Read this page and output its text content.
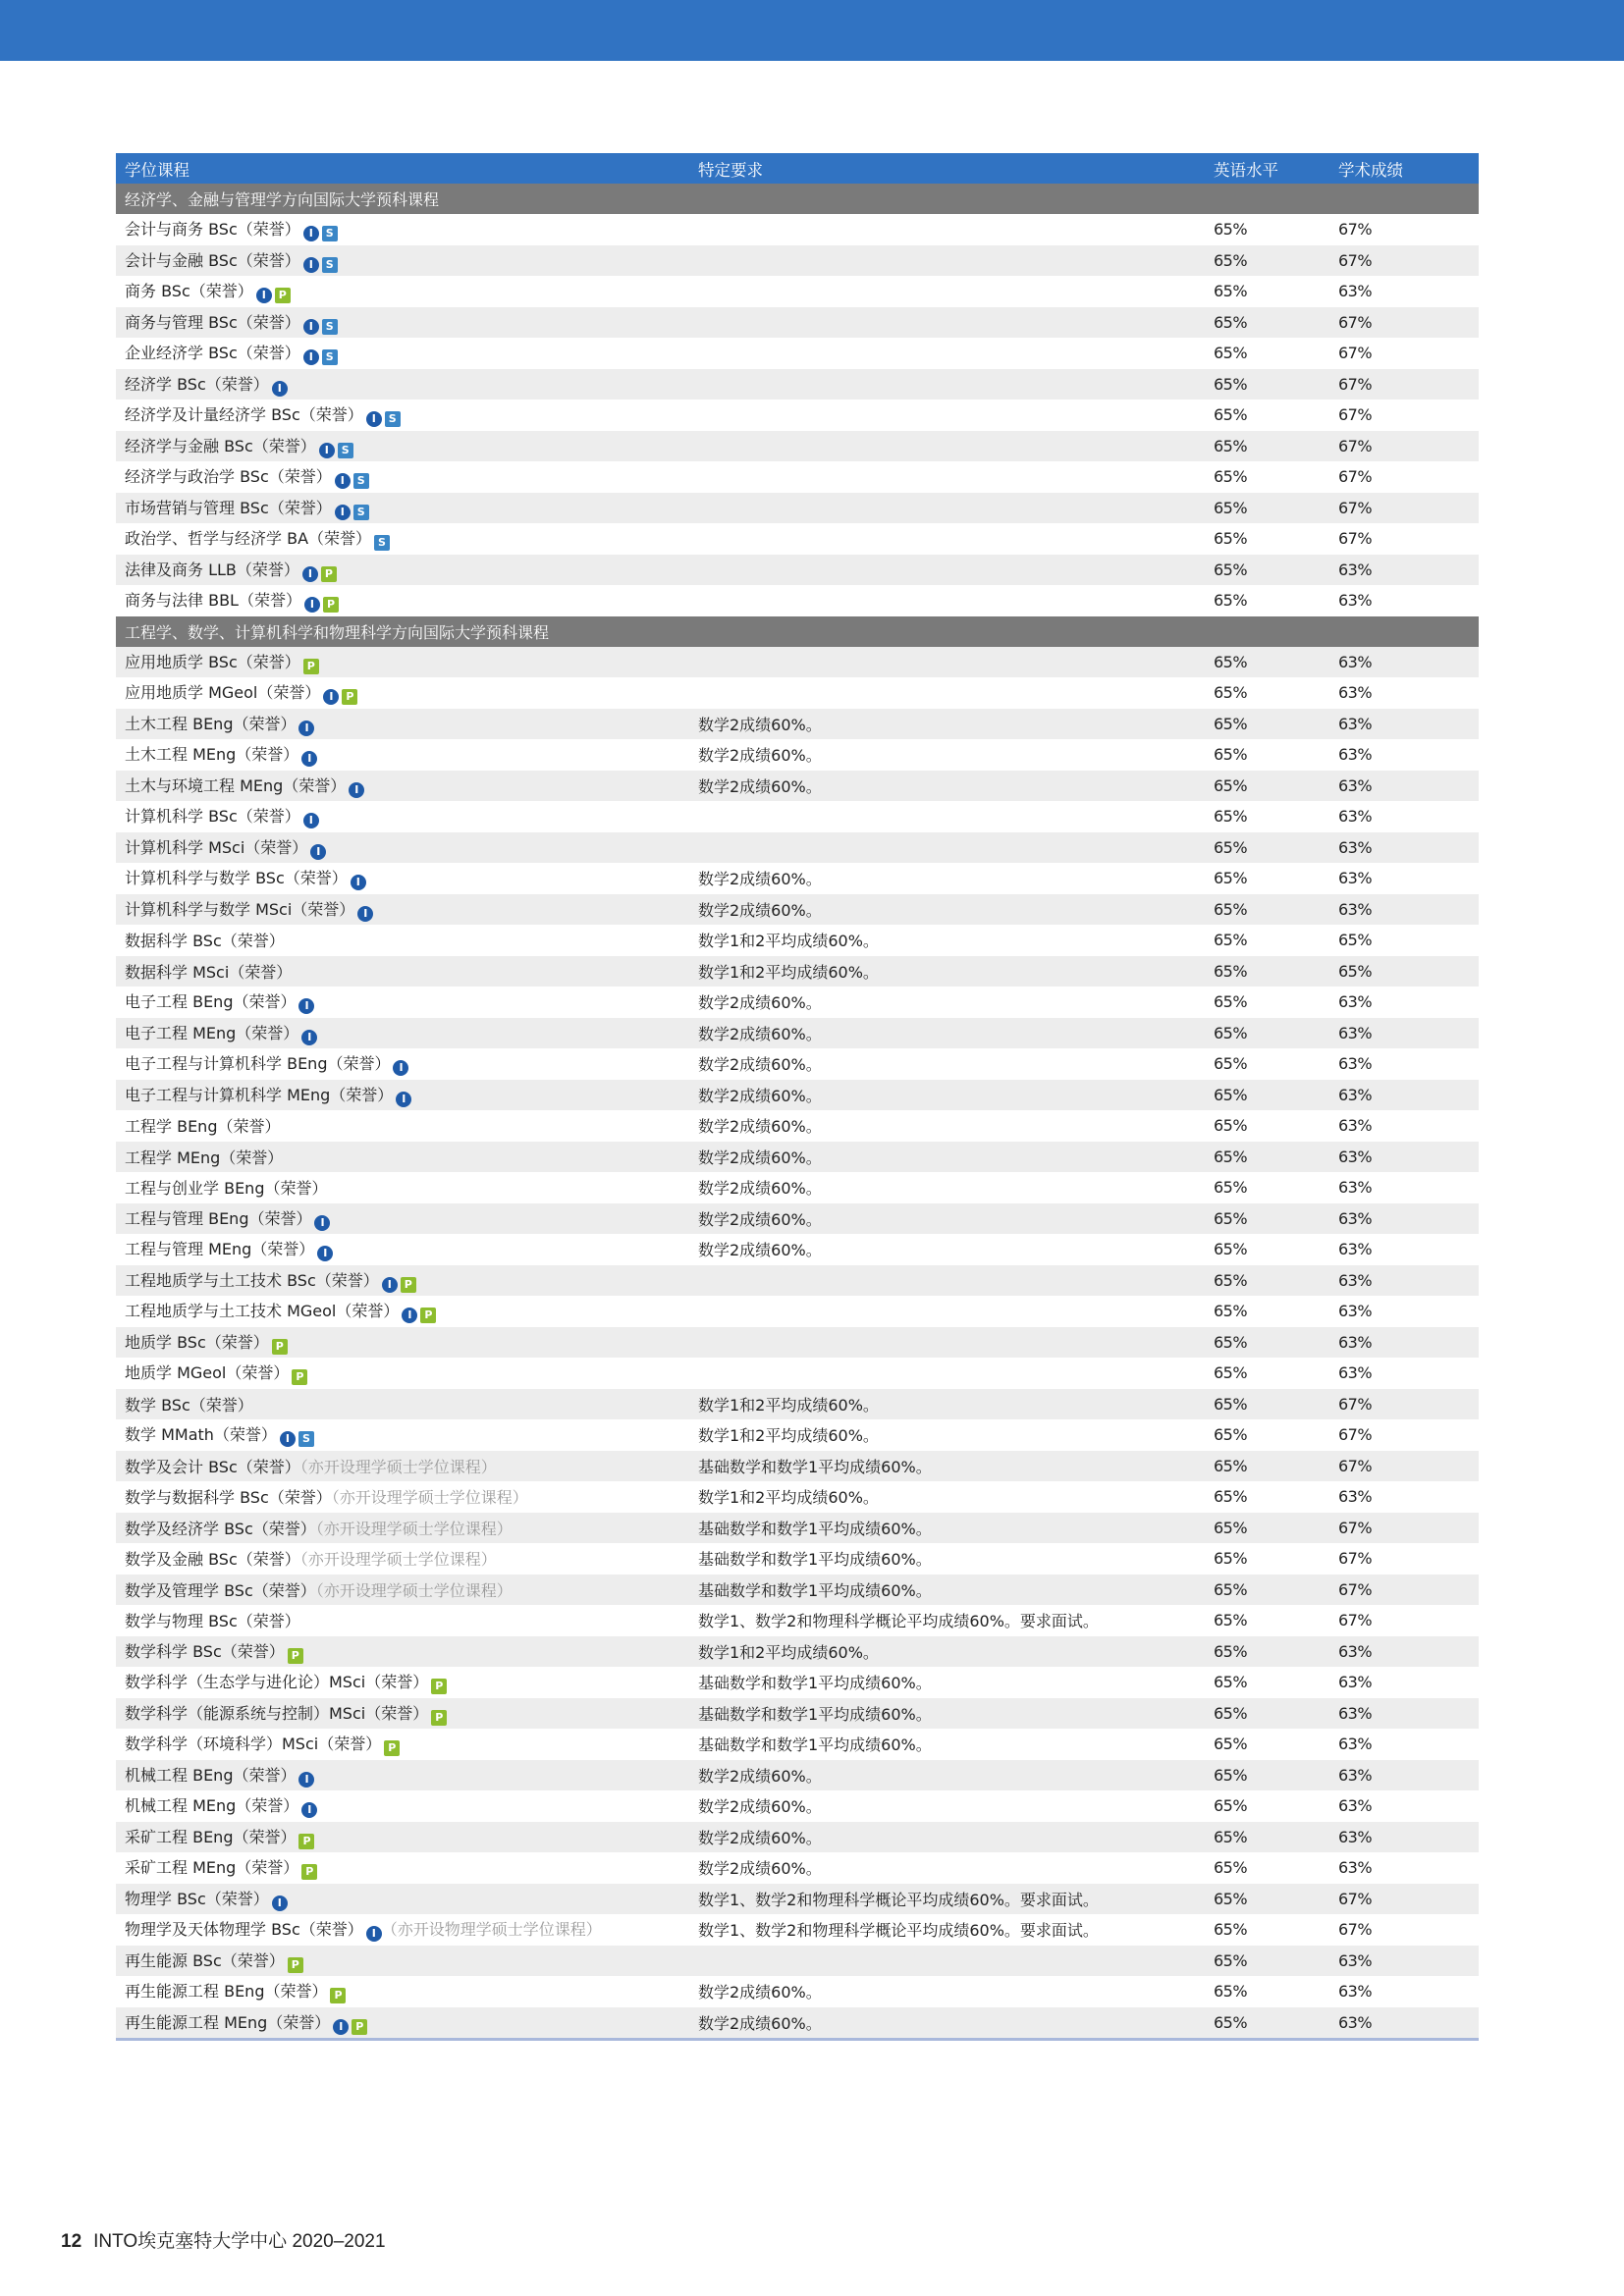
学位课程	特定要求	英语水平	学术成绩
经济学、金融与管理学方向国际大学预科课程			
会计与商务 BSc（荣誉） I S		65%	67%
会计与金融 BSc（荣誉） I S		65%	67%
商务 BSc（荣誉） I P		65%	63%
商务与管理 BSc（荣誉） I S		65%	67%
企业经济学 BSc（荣誉） I S		65%	67%
经济学 BSc（荣誉） I		65%	67%
经济学及计量经济学 BSc（荣誉） I S		65%	67%
经济学与金融 BSc（荣誉） I S		65%	67%
经济学与政治学 BSc（荣誉） I S		65%	67%
市场营销与管理 BSc（荣誉） I S		65%	67%
政治学、哲学与经济学 BA（荣誉） S		65%	67%
法律及商务 LLB（荣誉） I P		65%	63%
商务与法律 BBL（荣誉） I P		65%	63%
工程学、数学、计算机科学和物理科学方向国际大学预科课程			
应用地质学 BSc（荣誉） P		65%	63%
应用地质学 MGeol（荣誉） I P		65%	63%
土木工程 BEng（荣誉） I	数学2成绩60%。	65%	63%
土木工程 MEng（荣誉） I	数学2成绩60%。	65%	63%
土木与环境工程 MEng（荣誉） I	数学2成绩60%。	65%	63%
计算机科学 BSc（荣誉） I		65%	63%
计算机科学 MSci（荣誉） I		65%	63%
计算机科学与数学 BSc（荣誉） I	数学2成绩60%。	65%	63%
计算机科学与数学 MSci（荣誉） I	数学2成绩60%。	65%	63%
数据科学 BSc（荣誉）	数学1和2平均成绩60%。	65%	65%
数据科学 MSci（荣誉）	数学1和2平均成绩60%。	65%	65%
电子工程 BEng（荣誉） I	数学2成绩60%。	65%	63%
电子工程 MEng（荣誉） I	数学2成绩60%。	65%	63%
电子工程与计算机科学 BEng（荣誉） I	数学2成绩60%。	65%	63%
电子工程与计算机科学 MEng（荣誉） I	数学2成绩60%。	65%	63%
工程学 BEng（荣誉）	数学2成绩60%。	65%	63%
工程学 MEng（荣誉）	数学2成绩60%。	65%	63%
工程与创业学 BEng（荣誉）	数学2成绩60%。	65%	63%
工程与管理 BEng（荣誉） I	数学2成绩60%。	65%	63%
工程与管理 MEng（荣誉） I	数学2成绩60%。	65%	63%
工程地质学与土工技术 BSc（荣誉） I P		65%	63%
工程地质学与土工技术 MGeol（荣誉） I P		65%	63%
地质学 BSc（荣誉） P		65%	63%
地质学 MGeol（荣誉） P		65%	63%
数学 BSc（荣誉）	数学1和2平均成绩60%。	65%	67%
数学 MMath（荣誉） I S	数学1和2平均成绩60%。	65%	67%
数学及会计 BSc（荣誉）（亦开设理学硕士学位课程）	基础数学和数学1平均成绩60%。	65%	67%
数学与数据科学 BSc（荣誉）（亦开设理学硕士学位课程）	数学1和2平均成绩60%。	65%	63%
数学及经济学 BSc（荣誉）（亦开设理学硕士学位课程）	基础数学和数学1平均成绩60%。	65%	67%
数学及金融 BSc（荣誉）（亦开设理学硕士学位课程）	基础数学和数学1平均成绩60%。	65%	67%
数学及管理学 BSc（荣誉）（亦开设理学硕士学位课程）	基础数学和数学1平均成绩60%。	65%	67%
数学与物理 BSc（荣誉）	数学1、数学2和物理科学概论平均成绩60%。要求面试。	65%	67%
数学科学 BSc（荣誉） P	数学1和2平均成绩60%。	65%	63%
数学科学（生态学与进化论）MSci（荣誉） P	基础数学和数学1平均成绩60%。	65%	63%
数学科学（能源系统与控制）MSci（荣誉） P	基础数学和数学1平均成绩60%。	65%	63%
数学科学（环境科学）MSci（荣誉） P	基础数学和数学1平均成绩60%。	65%	63%
机械工程 BEng（荣誉） I	数学2成绩60%。	65%	63%
机械工程 MEng（荣誉） I	数学2成绩60%。	65%	63%
采矿工程 BEng（荣誉） P	数学2成绩60%。	65%	63%
采矿工程 MEng（荣誉） P	数学2成绩60%。	65%	63%
物理学 BSc（荣誉） I	数学1、数学2和物理科学概论平均成绩60%。要求面试。	65%	67%
物理学及天体物理学 BSc（荣誉） I （亦开设物理学硕士学位课程）	数学1、数学2和物理科学概论平均成绩60%。要求面试。	65%	67%
再生能源 BSc（荣誉） P		65%	63%
再生能源工程 BEng（荣誉） P	数学2成绩60%。	65%	63%
再生能源工程 MEng（荣誉） I P	数学2成绩60%。	65%	63%
12 INTO埃克塞特大学中心 2020–2021
